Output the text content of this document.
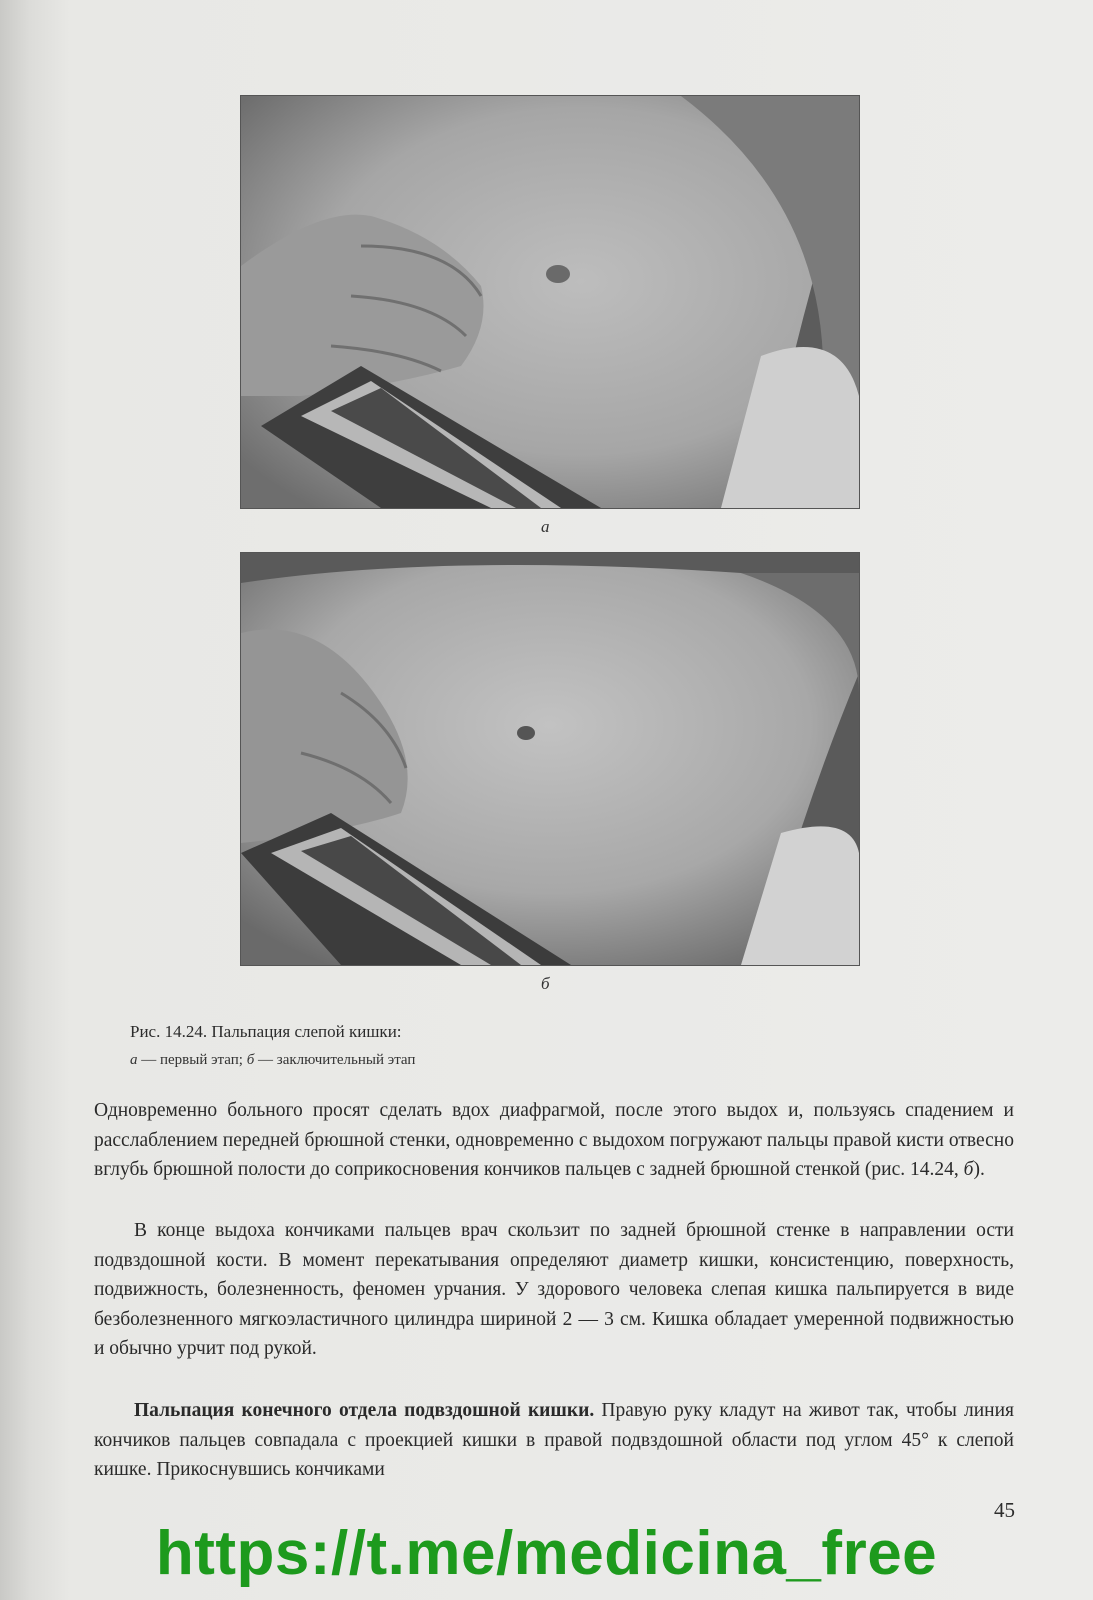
а
б
Рис. 14.24. Пальпация слепой кишки:
а — первый этап; б — заключительный этап
Одновременно больного просят сделать вдох диафрагмой, после этого выдох и, пользуясь спадением и расслаблением передней брюшной стенки, одновременно с выдохом погружают пальцы правой кисти отвесно вглубь брюшной полости до соприкосновения кончиков пальцев с задней брюшной стенкой (рис. 14.24, б).
В конце выдоха кончиками пальцев врач скользит по задней брюшной стенке в направлении ости подвздошной кости. В момент перекатывания определяют диаметр кишки, консистенцию, поверхность, подвижность, болезненность, феномен урчания. У здорового человека слепая кишка пальпируется в виде безболезненного мягкоэластичного цилиндра шириной 2 — 3 см. Кишка обладает умеренной подвижностью и обычно урчит под рукой.
Пальпация конечного отдела подвздошной кишки. Правую руку кладут на живот так, чтобы линия кончиков пальцев совпадала с проекцией кишки в правой подвздошной области под углом 45° к слепой кишке. Прикоснувшись кончиками
45
https://t.me/medicina_free
